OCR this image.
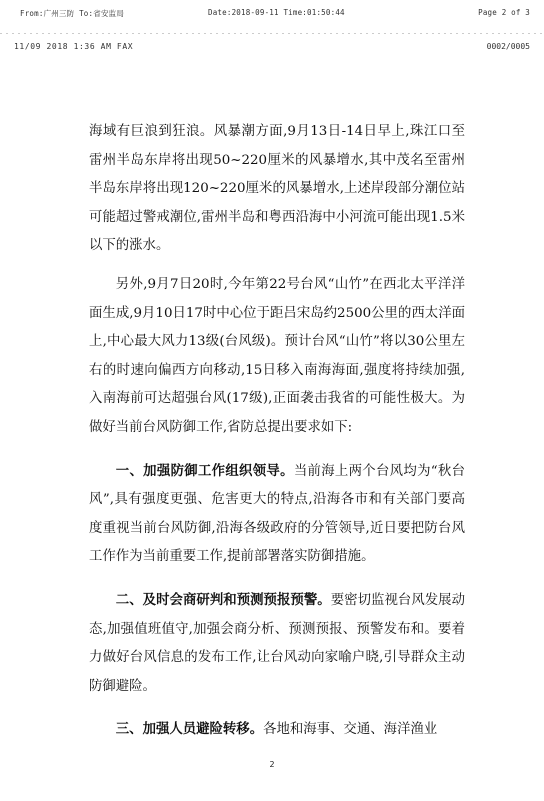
From:广州三防 To:省安监局	Date:2018-09-11 Time:01:50:44	Page 2 of 3
11/09 2018 1:36 AM FAX	0002/0005

海域有巨浪到狂浪。风暴潮方面,9月13日-14日早上,珠江口至雷州半岛东岸将出现50~220厘米的风暴增水,其中茂名至雷州半岛东岸将出现120~220厘米的风暴增水,上述岸段部分潮位站可能超过警戒潮位,雷州半岛和粤西沿海中小河流可能出现1.5米以下的涨水。

另外,9月7日20时,今年第22号台风“山竹”在西北太平洋洋面生成,9月10日17时中心位于距吕宋岛约2500公里的西太洋面上,中心最大风力13级(台风级)。预计台风“山竹”将以30公里左右的时速向偏西方向移动,15日移入南海海面,强度将持续加强,入南海前可达超强台风(17级),正面袭击我省的可能性极大。为做好当前台风防御工作,省防总提出要求如下:

一、加强防御工作组织领导。当前海上两个台风均为“秋台风”,具有强度更强、危害更大的特点,沿海各市和有关部门要高度重视当前台风防御,沿海各级政府的分管领导,近日要把防台风工作作为当前重要工作,提前部署落实防御措施。

二、及时会商研判和预测预报预警。要密切监视台风发展动态,加强值班值守,加强会商分析、预测预报、预警发布和。要着力做好台风信息的发布工作,让台风动向家喻户晓,引导群众主动防御避险。

三、加强人员避险转移。各地和海事、交通、海洋渔业

2
